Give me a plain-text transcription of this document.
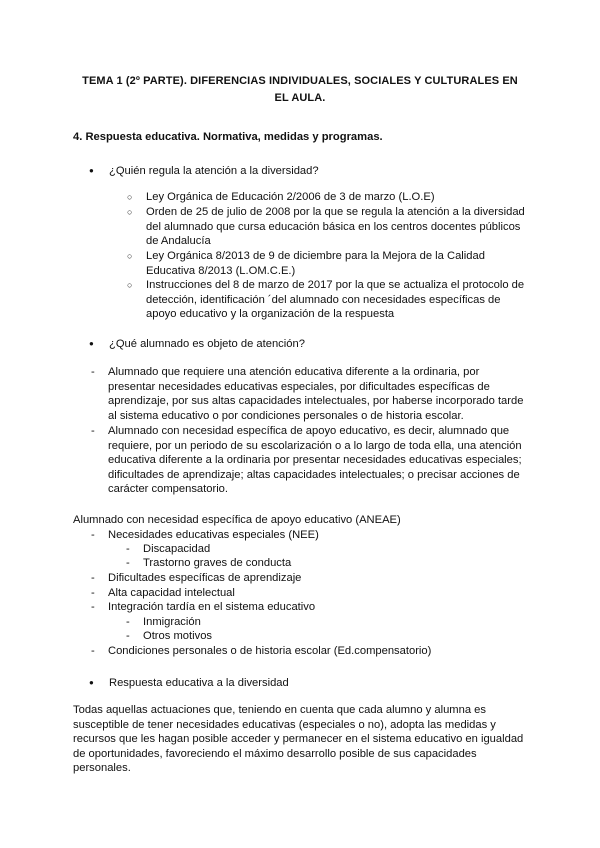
TEMA 1 (2º PARTE). DIFERENCIAS INDIVIDUALES, SOCIALES Y CULTURALES EN EL AULA.
4. Respuesta educativa. Normativa, medidas y programas.
● ¿Quién regula la atención a la diversidad?
○ Ley Orgánica de Educación 2/2006 de 3 de marzo (L.O.E)
○ Orden de 25 de julio de 2008 por la que se regula la atención a la diversidad del alumnado que cursa educación básica en los centros docentes públicos de Andalucía
○ Ley Orgánica 8/2013 de 9 de diciembre para la Mejora de la Calidad Educativa 8/2013 (L.OM.C.E.)
○ Instrucciones del 8 de marzo de 2017 por la que se actualiza el protocolo de detección, identificación ´del alumnado con necesidades específicas de apoyo educativo y la organización de la respuesta
● ¿Qué alumnado es objeto de atención?
- Alumnado que requiere una atención educativa diferente a la ordinaria, por presentar necesidades educativas especiales, por dificultades específicas de aprendizaje, por sus altas capacidades intelectuales, por haberse incorporado tarde al sistema educativo o por condiciones personales o de historia escolar.
- Alumnado con necesidad específica de apoyo educativo, es decir, alumnado que requiere, por un periodo de su escolarización o a lo largo de toda ella, una atención educativa diferente a la ordinaria por presentar necesidades educativas especiales; dificultades de aprendizaje; altas capacidades intelectuales; o precisar acciones de carácter compensatorio.
Alumnado con necesidad específica de apoyo educativo (ANEAE)
- Necesidades educativas especiales (NEE)
- Discapacidad
- Trastorno graves de conducta
- Dificultades específicas de aprendizaje
- Alta capacidad intelectual
- Integración tardía en el sistema educativo
- Inmigración
- Otros motivos
- Condiciones personales o de historia escolar (Ed.compensatorio)
● Respuesta educativa a la diversidad
Todas aquellas actuaciones que, teniendo en cuenta que cada alumno y alumna es susceptible de tener necesidades educativas (especiales o no), adopta las medidas y recursos que les hagan posible acceder y permanecer en el sistema educativo en igualdad de oportunidades, favoreciendo el máximo desarrollo posible de sus capacidades personales.
